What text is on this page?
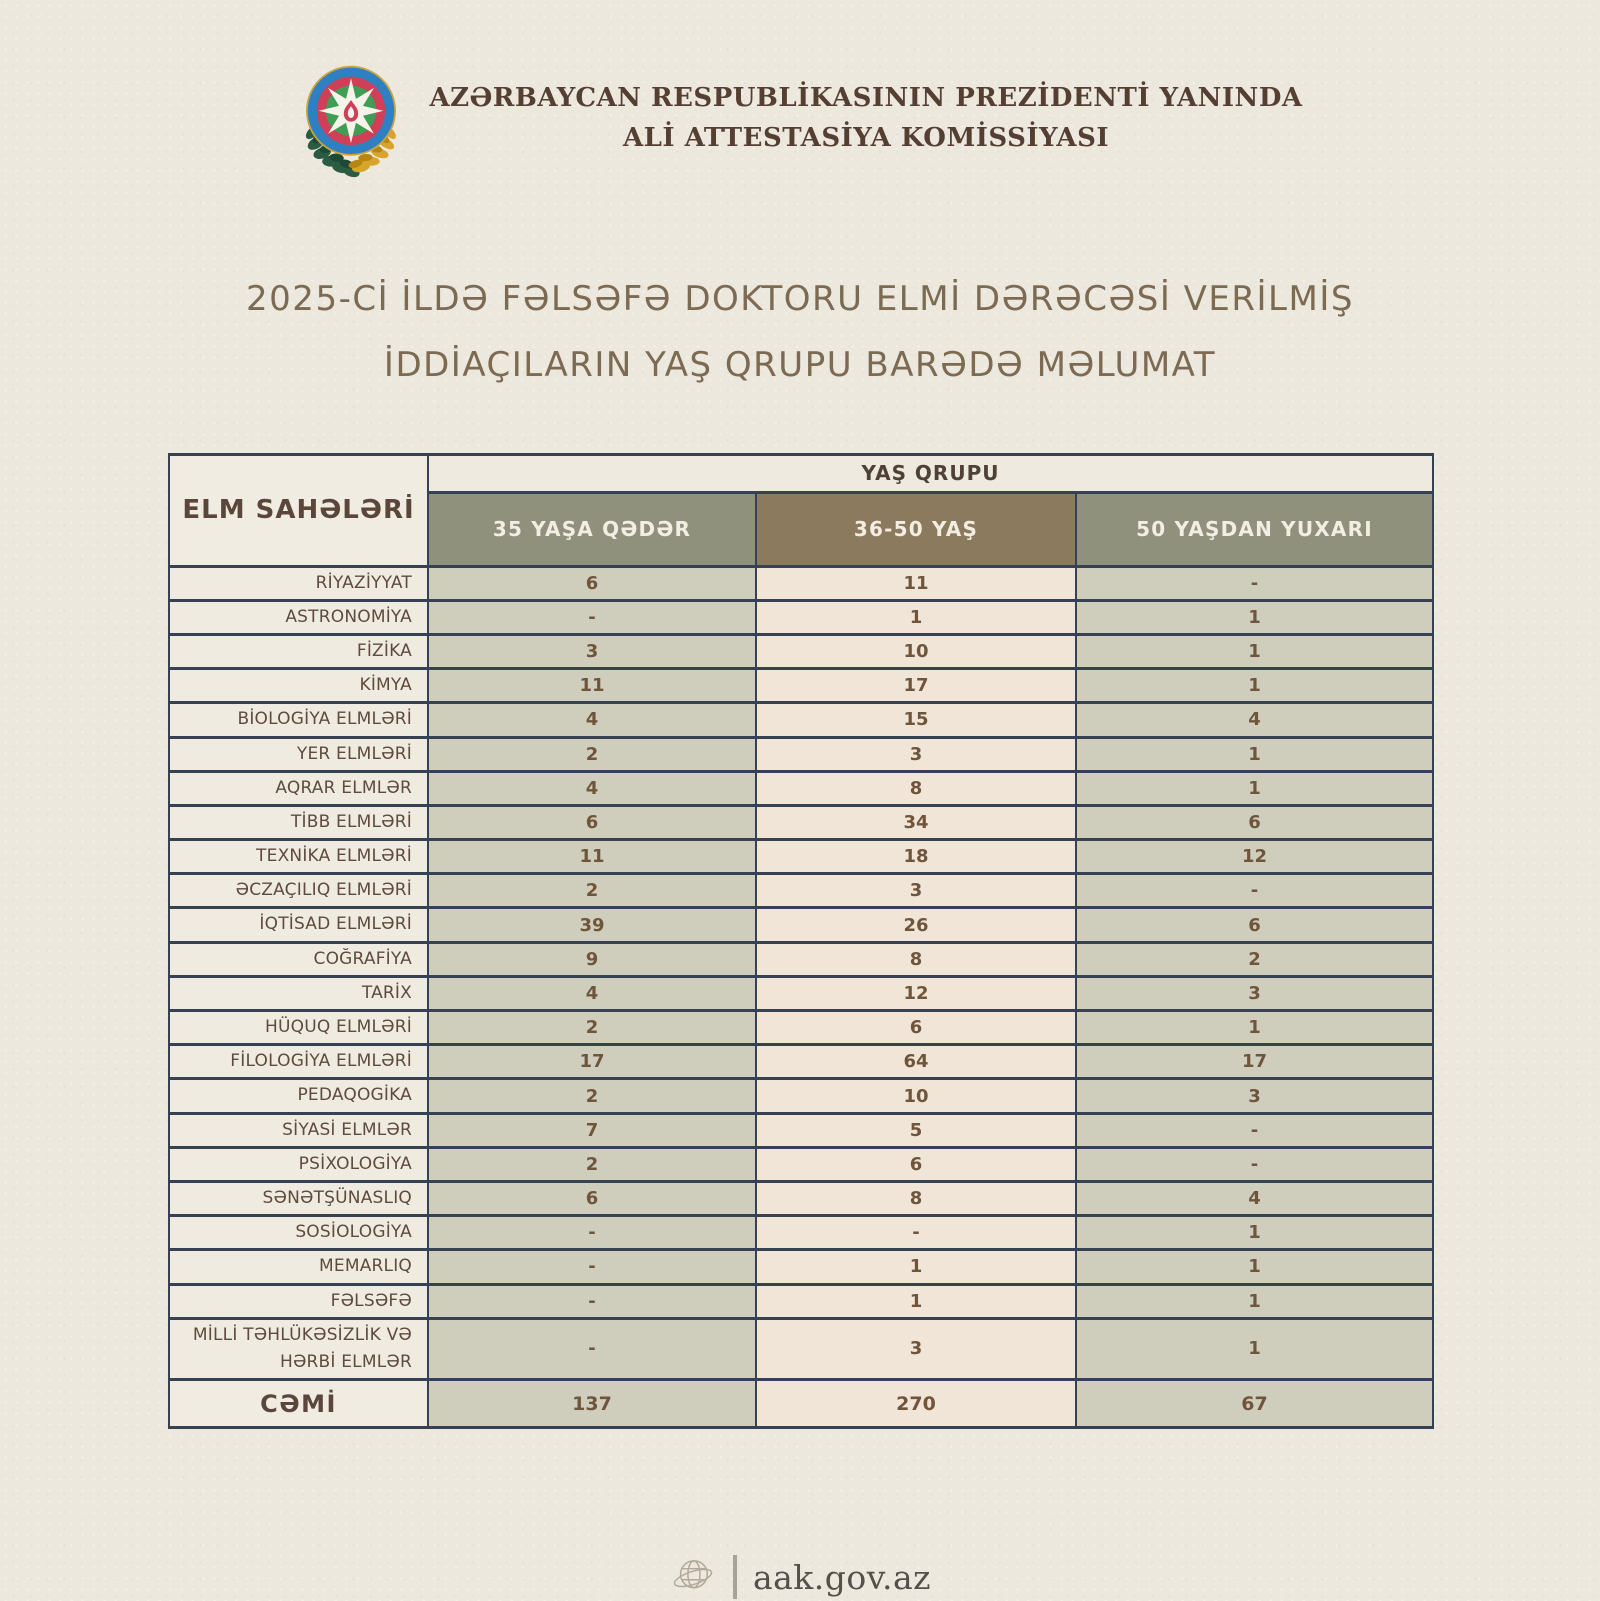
AZƏRBAYCAN RESPUBLİKASININ PREZİDENTİ YANINDA
ALİ ATTESTASİYA KOMİSSİYASI
2025-Cİ İLDƏ FƏLSƏFƏ DOKTORU ELMİ DƏRƏCƏSİ VERİLMİŞ
İDDİAÇILARIN YAŞ QRUPU BARƏDƏ MƏLUMAT
ELM SAHƏLƏRİ	YAŞ QRUPU		
	35 YAŞA QƏDƏR	36-50 YAŞ	50 YAŞDAN YUXARI
RİYAZİYYAT	6	11	-
ASTRONOMİYA	-	1	1
FİZİKA	3	10	1
KİMYA	11	17	1
BİOLOGİYA ELMLƏRİ	4	15	4
YER ELMLƏRİ	2	3	1
AQRAR ELMLƏR	4	8	1
TİBB ELMLƏRİ	6	34	6
TEXNİKA ELMLƏRİ	11	18	12
ƏCZAÇILIQ ELMLƏRİ	2	3	-
İQTİSAD ELMLƏRİ	39	26	6
COĞRAFİYA	9	8	2
TARİX	4	12	3
HÜQUQ ELMLƏRİ	2	6	1
FİLOLOGİYA ELMLƏRİ	17	64	17
PEDAQOGİKA	2	10	3
SİYASİ ELMLƏR	7	5	-
PSİXOLOGİYA	2	6	-
SƏNƏTŞÜNASLIQ	6	8	4
SOSİOLOGİYA	-	-	1
MEMARLIQ	-	1	1
FƏLSƏFƏ	-	1	1
MİLLİ TƏHLÜKƏSİZLİK VƏ HƏRBİ ELMLƏR	-	3	1
CƏMİ	137	270	67
aak.gov.az
